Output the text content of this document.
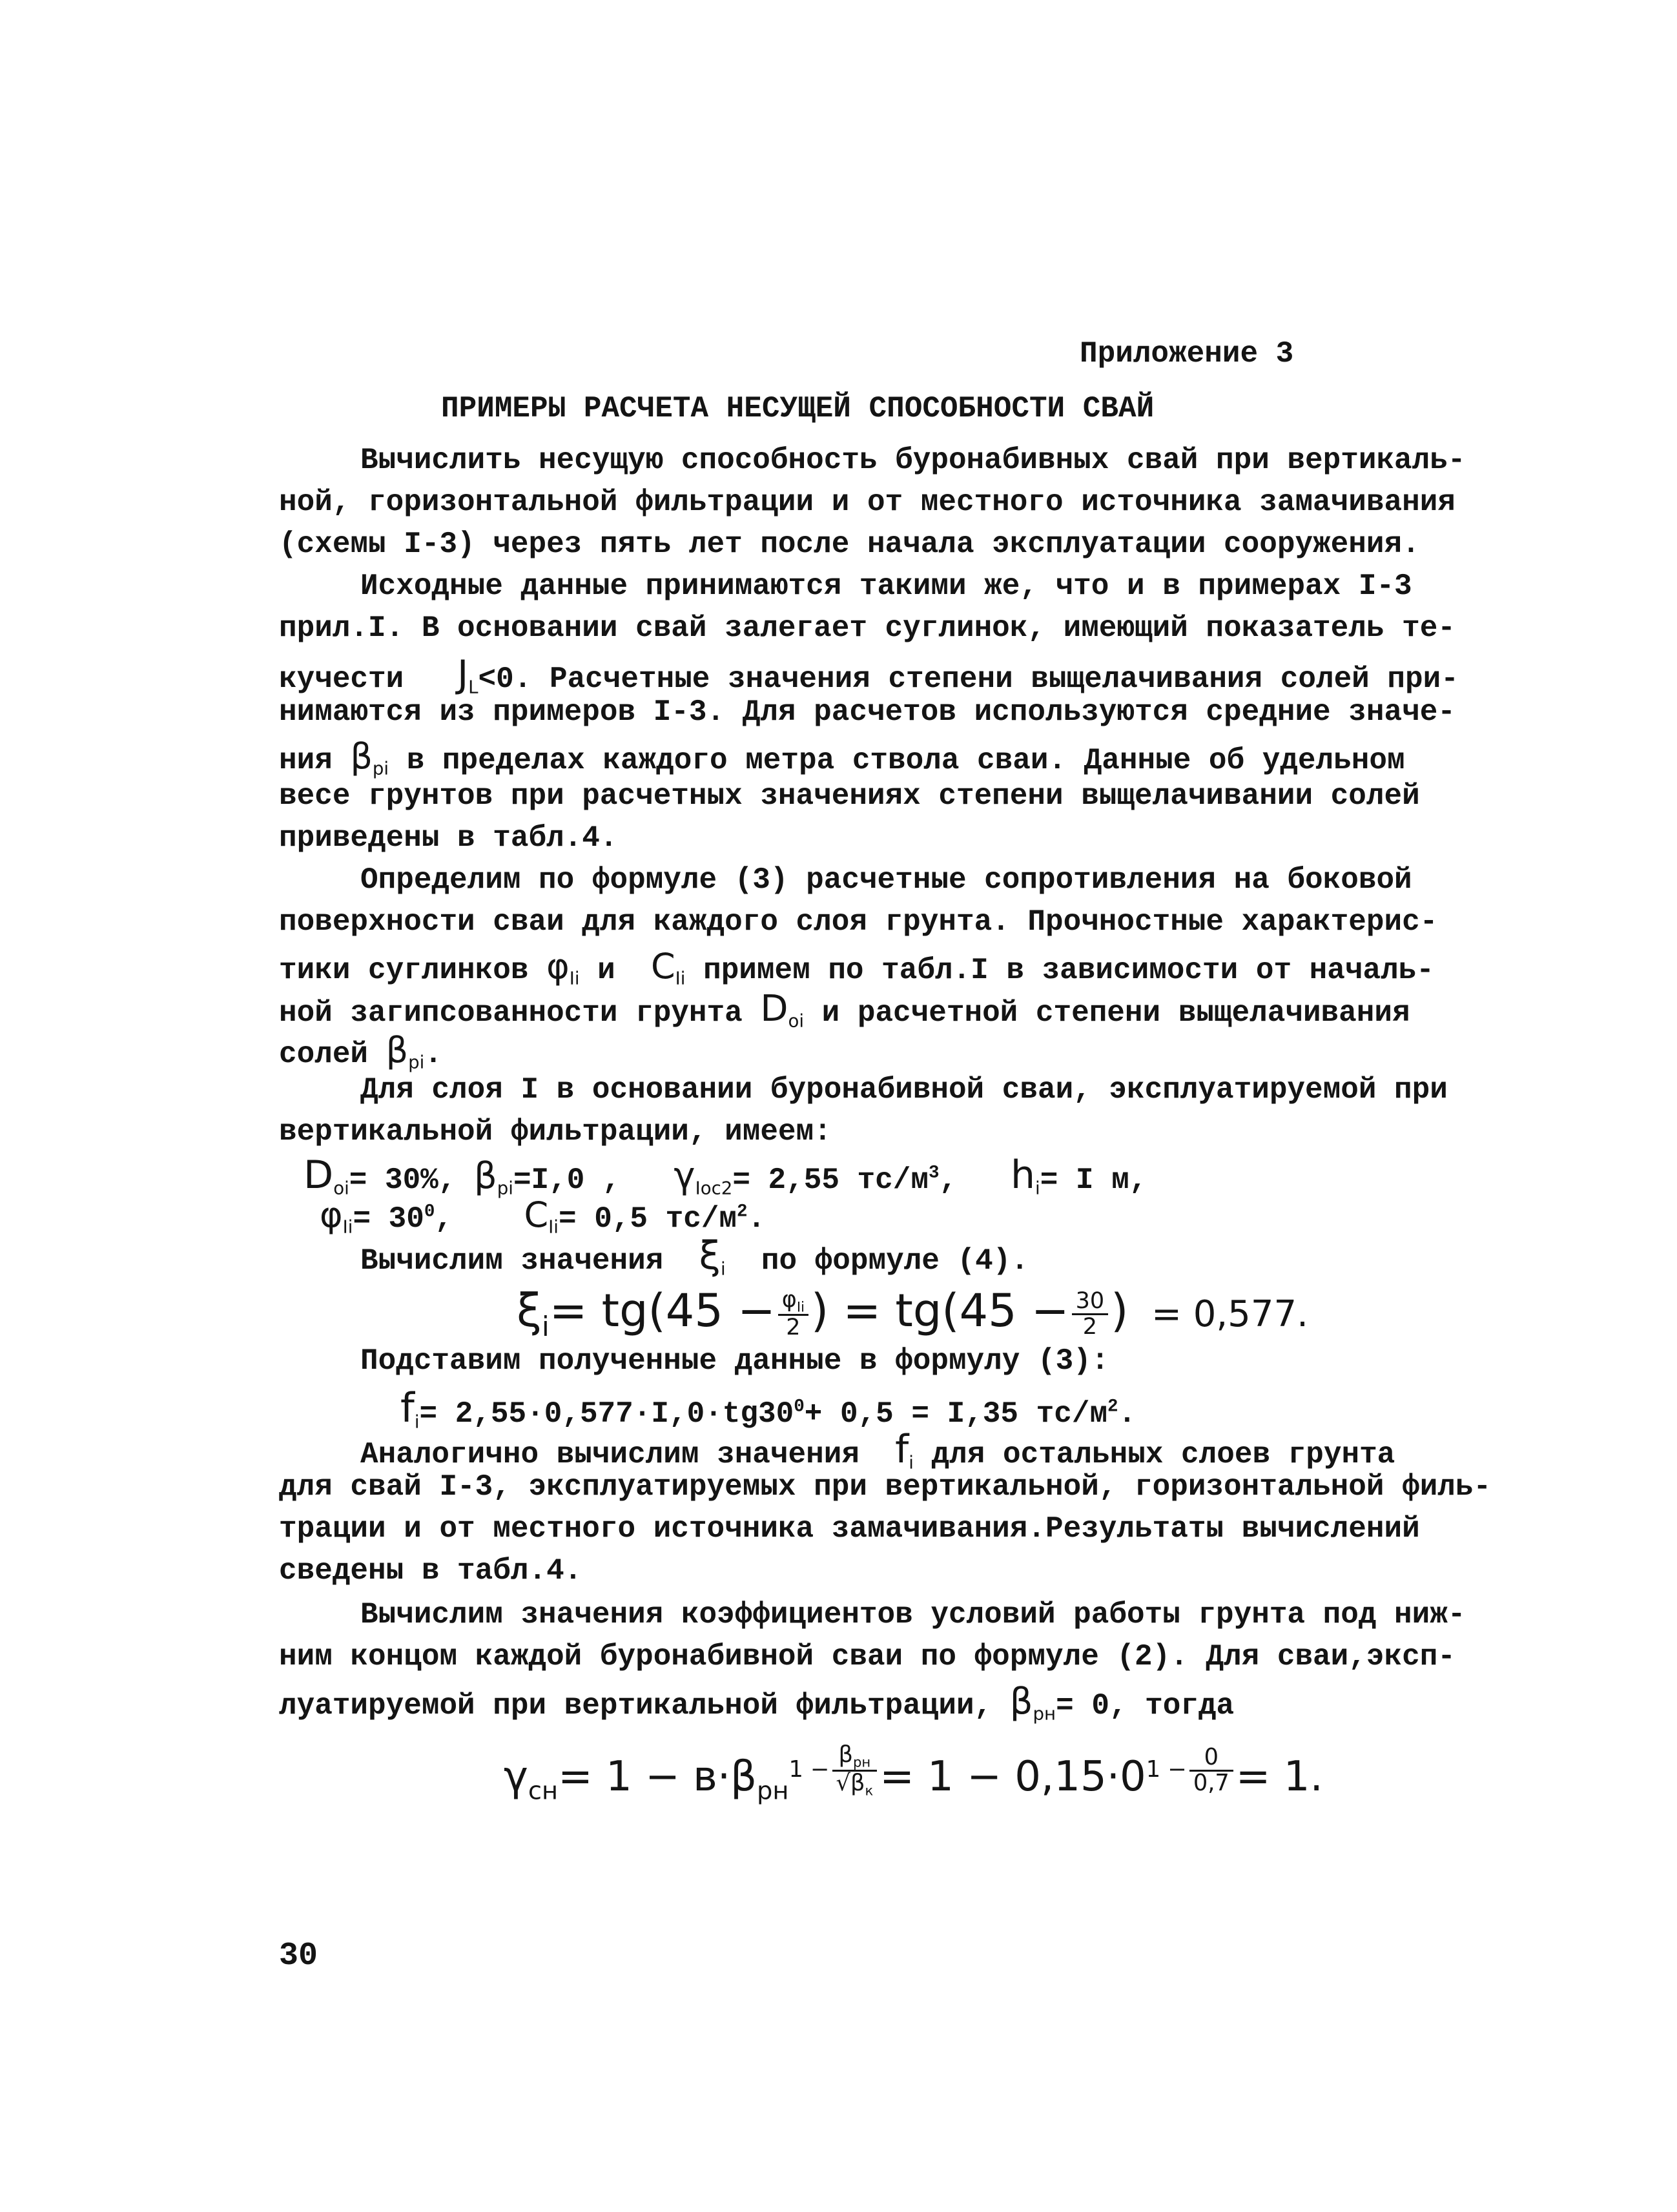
Приложение 3
ПРИМЕРЫ РАСЧЕТА НЕСУЩЕЙ СПОСОБНОСТИ СВАЙ
Вычислить несущую способность буронабивных свай при вертикаль-
ной, горизонтальной фильтрации и от местного источника замачивания
(схемы I-3) через пять лет после начала эксплуатации сооружения.
Исходные данные принимаются такими же, что и в примерах I-3
прил.I. В основании свай залегает суглинок, имеющий показатель те-
кучести $J_L<0$. Расчетные значения степени выщелачивания солей при-
нимаются из примеров I-3. Для расчетов используются средние значе-
ния $\beta_{pi}$ в пределах каждого метра ствола сваи. Данные об удельном
весе грунтов при расчетных значениях степени выщелачивании солей
приведены в табл.4.
Определим по формуле (3) расчетные сопротивления на боковой
поверхности сваи для каждого слоя грунта. Прочностные характерис-
тики суглинков $\varphi_{Ii}$ и $C_{Ii}$ примем по табл.I в зависимости от началь-
ной загипсованности грунта $D_{oi}$ и расчетной степени выщелачивания
солей $\beta_{pi}$.
Для слоя I в основании буронабивной сваи, эксплуатируемой при
вертикальной фильтрации, имеем:
$D_{oi}= 30\%$, $\beta_{pi}=I,0$ , $\gamma_{Ioc2}= 2,55$ $тс/м^3$, $h_i= I$ м,
$\varphi_{Ii}= 30^0$, $C_{Ii}= 0,5$ $тс/м^2$.
Вычислим значения $\xi_i$ по формуле (4).
$\xi_i= tg(45 - \frac{\varphi_{Ii}}{2}$ ) = $tg(45 - \frac{30}{2}$ ) = 0,577.
Подставим полученные данные в формулу (3):
$f_i= 2,55\cdot 0,577\cdot I,0\cdot tg30^0+ 0,5 = I,35$ $тс/м^2$.
Аналогично вычислим значения $f_i$ для остальных слоев грунта
для свай I-3, эксплуатируемых при вертикальной, горизонтальной филь-
трации и от местного источника замачивания.Результаты вычислений
сведены в табл.4.
Вычислим значения коэффициентов условий работы грунта под ниж-
ним концом каждой буронабивной сваи по формуле (2). Для сваи,эксп-
луатируемой при вертикальной фильтрации, $\beta_{pн}= 0$, тогда
$\gamma_{cн}= 1 - в\cdot\beta_{pн}^{1 - \frac{\beta_{pн}}{√\beta_к}} = 1 - 0,15\cdot 0^{1 - \frac{0}{0,7}} = 1$.
30
